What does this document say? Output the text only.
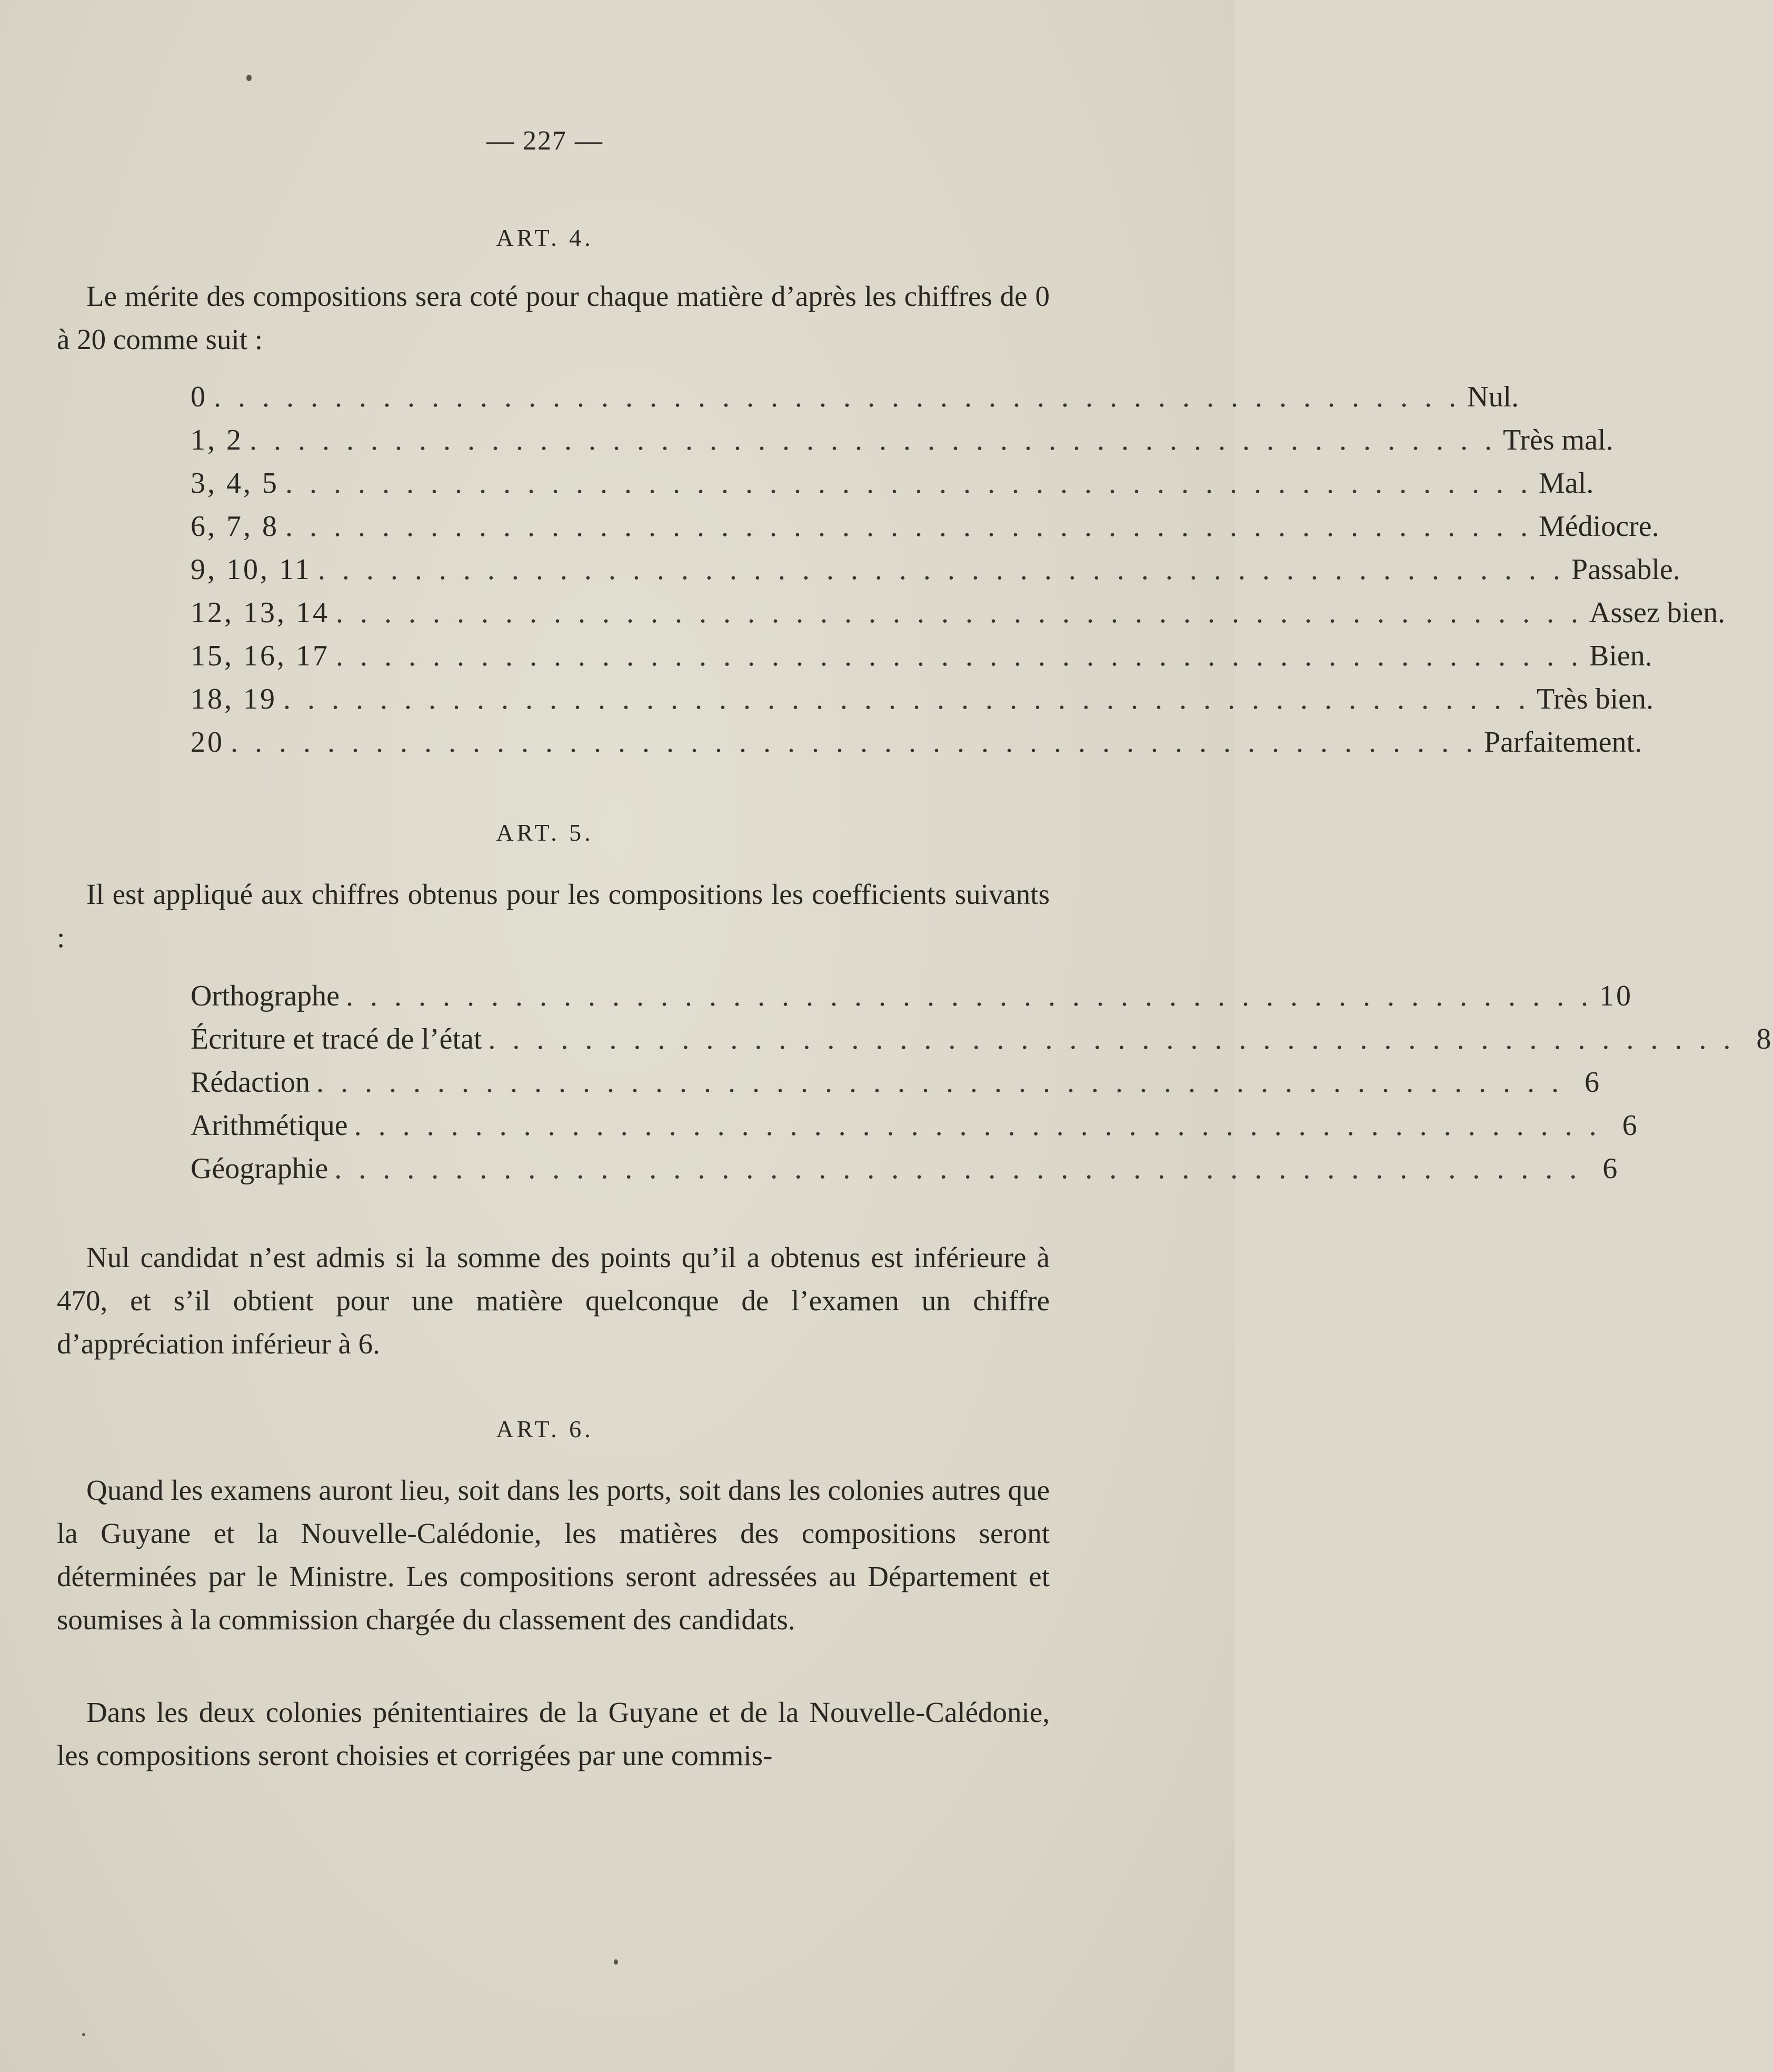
— 227 —
ART. 4.
Le mérite des compositions sera coté pour chaque matière d’après les chiffres de 0 à 20 comme suit :
0 . . . . . . . . . . . . . . . . . . . . . . . . . . . . . . . . . . . . . . . . . . . . . . . . . . . . Nul.
1, 2 . . . . . . . . . . . . . . . . . . . . . . . . . . . . . . . . . . . . . . . . . . . . . . . . . . . . Très mal.
3, 4, 5 . . . . . . . . . . . . . . . . . . . . . . . . . . . . . . . . . . . . . . . . . . . . . . . . . . . . Mal.
6, 7, 8 . . . . . . . . . . . . . . . . . . . . . . . . . . . . . . . . . . . . . . . . . . . . . . . . . . . . Médiocre.
9, 10, 11 . . . . . . . . . . . . . . . . . . . . . . . . . . . . . . . . . . . . . . . . . . . . . . . . . . . . Passable.
12, 13, 14 . . . . . . . . . . . . . . . . . . . . . . . . . . . . . . . . . . . . . . . . . . . . . . . . . . . . Assez bien.
15, 16, 17 . . . . . . . . . . . . . . . . . . . . . . . . . . . . . . . . . . . . . . . . . . . . . . . . . . . . Bien.
18, 19 . . . . . . . . . . . . . . . . . . . . . . . . . . . . . . . . . . . . . . . . . . . . . . . . . . . . Très bien.
20 . . . . . . . . . . . . . . . . . . . . . . . . . . . . . . . . . . . . . . . . . . . . . . . . . . . . Parfaitement.
ART. 5.
Il est appliqué aux chiffres obtenus pour les compositions les coefficients suivants :
Orthographe . . . . . . . . . . . . . . . . . . . . . . . . . . . . . . . . . . . . . . . . . . . . . . . . . . . . 10
Écriture et tracé de l’état . . . . . . . . . . . . . . . . . . . . . . . . . . . . . . . . . . . . . . . . . . . . . . . . . . . . 8
Rédaction . . . . . . . . . . . . . . . . . . . . . . . . . . . . . . . . . . . . . . . . . . . . . . . . . . . . 6
Arithmétique . . . . . . . . . . . . . . . . . . . . . . . . . . . . . . . . . . . . . . . . . . . . . . . . . . . . 6
Géographie . . . . . . . . . . . . . . . . . . . . . . . . . . . . . . . . . . . . . . . . . . . . . . . . . . . . 6
Nul candidat n’est admis si la somme des points qu’il a obtenus est inférieure à 470, et s’il obtient pour une matière quelconque de l’examen un chiffre d’appréciation inférieur à 6.
ART. 6.
Quand les examens auront lieu, soit dans les ports, soit dans les colonies autres que la Guyane et la Nouvelle-Calédonie, les matières des compositions seront déterminées par le Ministre. Les compositions seront adressées au Département et soumises à la commission chargée du classement des candidats.
Dans les deux colonies pénitentiaires de la Guyane et de la Nouvelle-Calédonie, les compositions seront choisies et corrigées par une commis-
